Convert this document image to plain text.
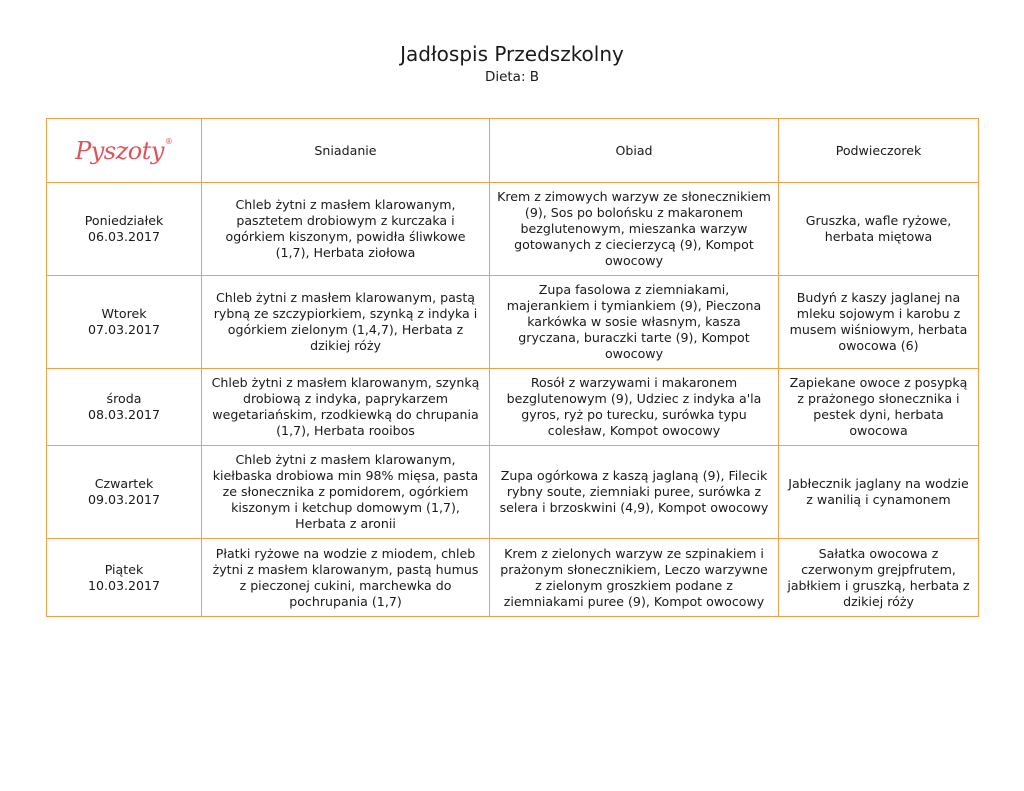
Jadłospis Przedszkolny

Dieta: B

Pyszoty ®	Sniadanie	Obiad	Podwieczorek

Poniedziałek
06.03.2017	Chleb żytni z masłem klarowanym, pasztetem drobiowym z kurczaka i ogórkiem kiszonym, powidła śliwkowe (1,7), Herbata ziołowa	Krem z zimowych warzyw ze słonecznikiem (9), Sos po bolońsku z makaronem bezglutenowym, mieszanka warzyw gotowanych z ciecierzycą (9), Kompot owocowy	Gruszka, wafle ryżowe, herbata miętowa

Wtorek
07.03.2017	Chleb żytni z masłem klarowanym, pastą rybną ze szczypiorkiem, szynką z indyka i ogórkiem zielonym (1,4,7), Herbata z dzikiej róży	Zupa fasolowa z ziemniakami, majerankiem i tymiankiem (9), Pieczona karkówka w sosie własnym, kasza gryczana, buraczki tarte (9), Kompot owocowy	Budyń z kaszy jaglanej na mleku sojowym i karobu z musem wiśniowym, herbata owocowa (6)

środa
08.03.2017	Chleb żytni z masłem klarowanym, szynką drobiową z indyka, paprykarzem wegetariańskim, rzodkiewką do chrupania (1,7), Herbata rooibos	Rosół z warzywami i makaronem bezglutenowym (9), Udziec z indyka a'la gyros, ryż po turecku, surówka typu colesław, Kompot owocowy	Zapiekane owoce z posypką z prażonego słonecznika i pestek dyni, herbata owocowa

Czwartek
09.03.2017	Chleb żytni z masłem klarowanym, kiełbaska drobiowa min 98% mięsa, pasta ze słonecznika z pomidorem, ogórkiem kiszonym i ketchup domowym (1,7), Herbata z aronii	Zupa ogórkowa z kaszą jaglaną (9), Filecik rybny soute, ziemniaki puree, surówka z selera i brzoskwini (4,9), Kompot owocowy	Jabłecznik jaglany na wodzie z wanilią i cynamonem

Piątek
10.03.2017	Płatki ryżowe na wodzie z miodem, chleb żytni z masłem klarowanym, pastą humus z pieczonej cukini, marchewka do pochrupania (1,7)	Krem z zielonych warzyw ze szpinakiem i prażonym słonecznikiem, Leczo warzywne z zielonym groszkiem podane z ziemniakami puree (9), Kompot owocowy	Sałatka owocowa z czerwonym grejpfrutem, jabłkiem i gruszką, herbata z dzikiej róży
